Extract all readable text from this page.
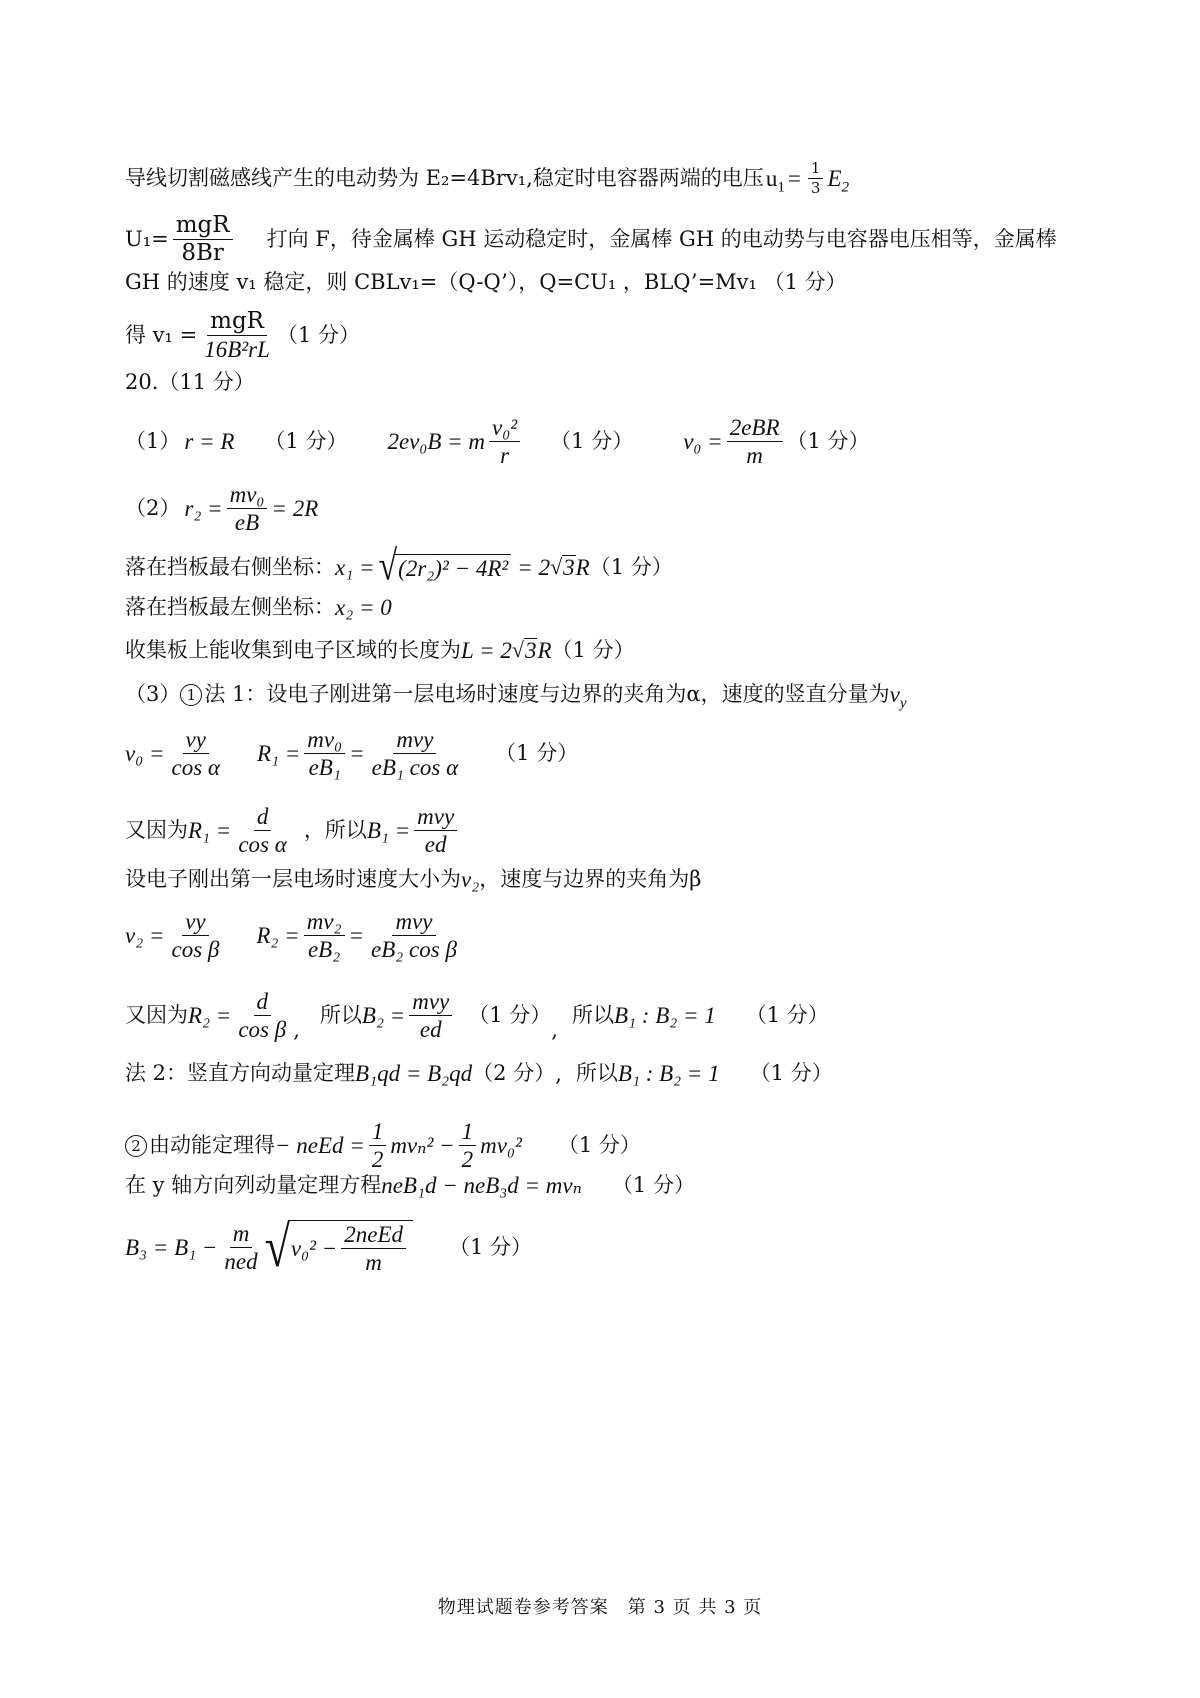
导线切割磁感线产生的电动势为 E₂=4Brv₁,稳定时电容器两端的电压 $u_1 = \frac{1}{3} E_2$
$U_1= \frac{\text{mgR}}{8Br}$ 打向 F，待金属棒 GH 运动稳定时，金属棒 GH 的电动势与电容器电压相等，金属棒
GH 的速度 v₁ 稳定，则 CBLv₁=（Q-Q’），Q=CU₁ ，BLQ’=Mv₁ （1 分）
得 $v_1 = \frac{\text{mgR}}{\text{16B²rL}} (1$ 分）
20.（11 分）
（1） r = R （1 分） 2ev₀B = m $\frac{\text{v₀²}}{r} (1$ 分） $v_0 = \frac{\text{2eBR}}{m} (1$ 分）
（2） $r_2 = \frac{\text{mv₀}}{eB} = 2R$
落在挡板最右侧坐标： x₁ = √ (2r₂)² − 4R² = 2 √ 3 R （1 分）
落在挡板最左侧坐标： x₂ = 0
收集板上能收集到电子区域的长度为 L = 2 √ 3 R （1 分）
（3） 1 法 1：设电子刚进第一层电场时速度与边界的夹角为α，速度的竖直分量为 $v_y$
$v_0 = \frac{vy}{\text{cos α}} R_1 = \frac{\text{mv₀}}{\text{eB₁}} = \frac{\text{mvy}}{\text{eB₁ cos α}} (1$ 分）
又因为 $R_1 = \frac{d}{\text{cos α}}$ ，所以 $B_1 = \frac{\text{mvy}}{ed}$
设电子刚出第一层电场时速度大小为 v₂ ，速度与边界的夹角为β
$v_2 = \frac{vy}{\text{cos β}} R_2 = \frac{\text{mv₂}}{\text{eB₂}} = \frac{\text{mvy}}{\text{eB₂ cos β}}$
又因为 $R_2 = \frac{d}{\text{cos β}}$ ,
所以 $B_2 = \frac{\text{mvy}}{ed} (1$ 分）
,
所以 B₁ : B₂ = 1 （1 分）
法 2：竖直方向动量定理 B₁qd = B₂qd （2 分） , 所以 B₁ : B₂ = 1 （1 分）
2 由动能定理得 − neEd = $\frac{1}{2} mv_n^2 - \frac{1}{2} mv_0^2$ （1 分）
在 y 轴方向列动量定理方程 neB₁d − neB₃d = mvₙ （1 分）
$B_3 = B_1 - \frac{m}{\text{ned}}$ √ $v_0^2 - \frac{\text{2neEd}}{m} (1$ 分）
物理试题卷参考答案　第 3 页 共 3 页
